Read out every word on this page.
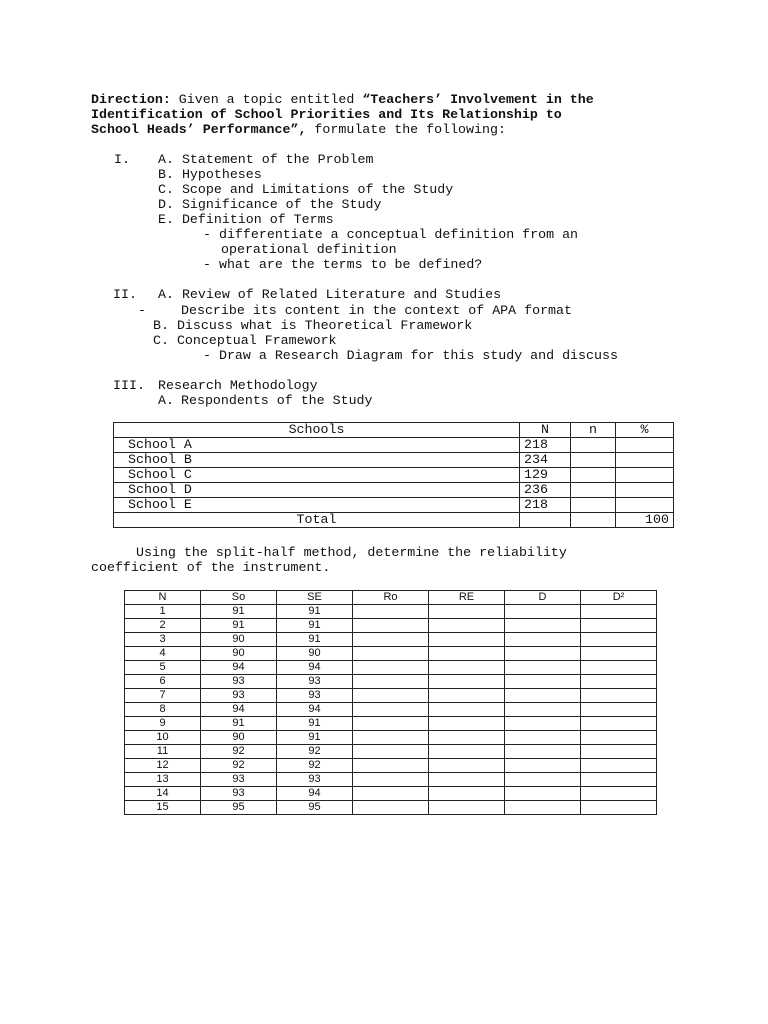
Direction: Given a topic entitled “Teachers’ Involvement in the
Identification of School Priorities and Its Relationship to
School Heads’ Performance”, formulate the following:
I. A. Statement of the Problem
B. Hypotheses
C. Scope and Limitations of the Study
D. Significance of the Study
E. Definition of Terms
- differentiate a conceptual definition from an
operational definition
- what are the terms to be defined?
II. A. Review of Related Literature and Studies
-	Describe its content in the context of APA format
B. Discuss what is Theoretical Framework
C. Conceptual Framework
- Draw a Research Diagram for this study and discuss
III. Research Methodology
A. Respondents of the Study
Schools	N	n	%
School A	218		
School B	234		
School C	129		
School D	236		
School E	218		
Total			100
Using the split-half method, determine the reliability
coefficient of the instrument.
N	So	SE	Ro	RE	D	D²
1	91	91				
2	91	91				
3	90	91				
4	90	90				
5	94	94				
6	93	93				
7	93	93				
8	94	94				
9	91	91				
10	90	91				
11	92	92				
12	92	92				
13	93	93				
14	93	94				
15	95	95				
